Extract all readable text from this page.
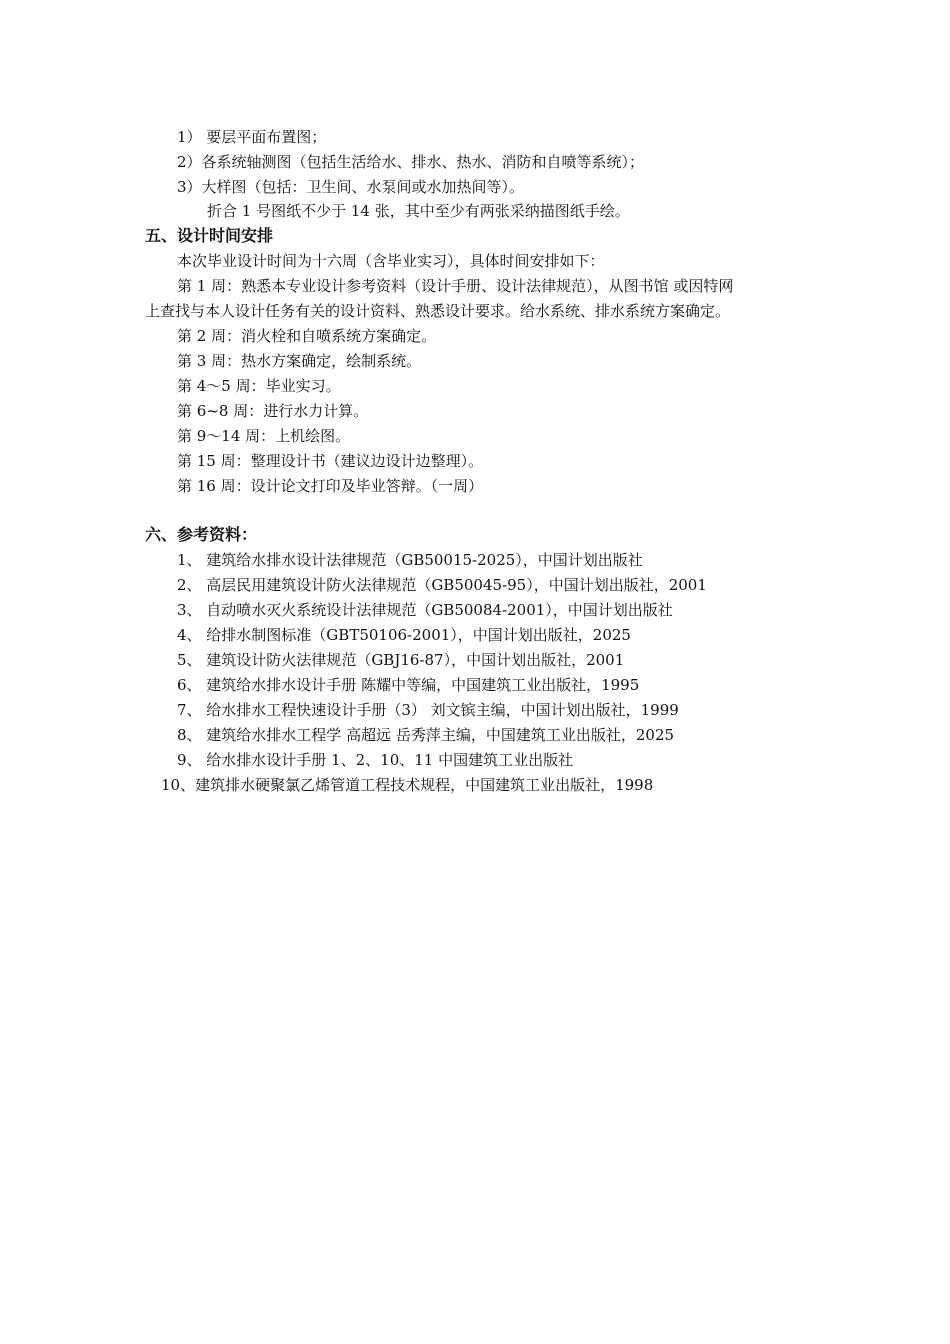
1） 要层平面布置图；
2）各系统轴测图（包括生活给水、排水、热水、消防和自喷等系统）；
3）大样图（包括：卫生间、水泵间或水加热间等）。
折合 1 号图纸不少于 14 张，其中至少有两张采纳描图纸手绘。
五、设计时间安排
本次毕业设计时间为十六周（含毕业实习），具体时间安排如下：
第 1 周：熟悉本专业设计参考资料（设计手册、设计法律规范），从图书馆 或因特网
上查找与本人设计任务有关的设计资料、熟悉设计要求。给水系统、排水系统方案确定。
第 2 周：消火栓和自喷系统方案确定。
第 3 周：热水方案确定，绘制系统。
第 4～5 周：毕业实习。
第 6~8 周：进行水力计算。
第 9～14 周：上机绘图。
第 15 周：整理设计书（建议边设计边整理）。
第 16 周：设计论文打印及毕业答辩。（一周）
六、参考资料：
1、 建筑给水排水设计法律规范（GB50015-2025），中国计划出版社
2、 高层民用建筑设计防火法律规范（GB50045-95），中国计划出版社，2001
3、 自动喷水灭火系统设计法律规范（GB50084-2001），中国计划出版社
4、 给排水制图标准（GBT50106-2001），中国计划出版社，2025
5、 建筑设计防火法律规范（GBJ16-87），中国计划出版社，2001
6、 建筑给水排水设计手册 陈耀中等编，中国建筑工业出版社，1995
7、 给水排水工程快速设计手册（3） 刘文镔主编，中国计划出版社，1999
8、 建筑给水排水工程学 高超远 岳秀萍主编，中国建筑工业出版社，2025
9、 给水排水设计手册 1、2、10、11 中国建筑工业出版社
10、建筑排水硬聚氯乙烯管道工程技术规程，中国建筑工业出版社，1998
